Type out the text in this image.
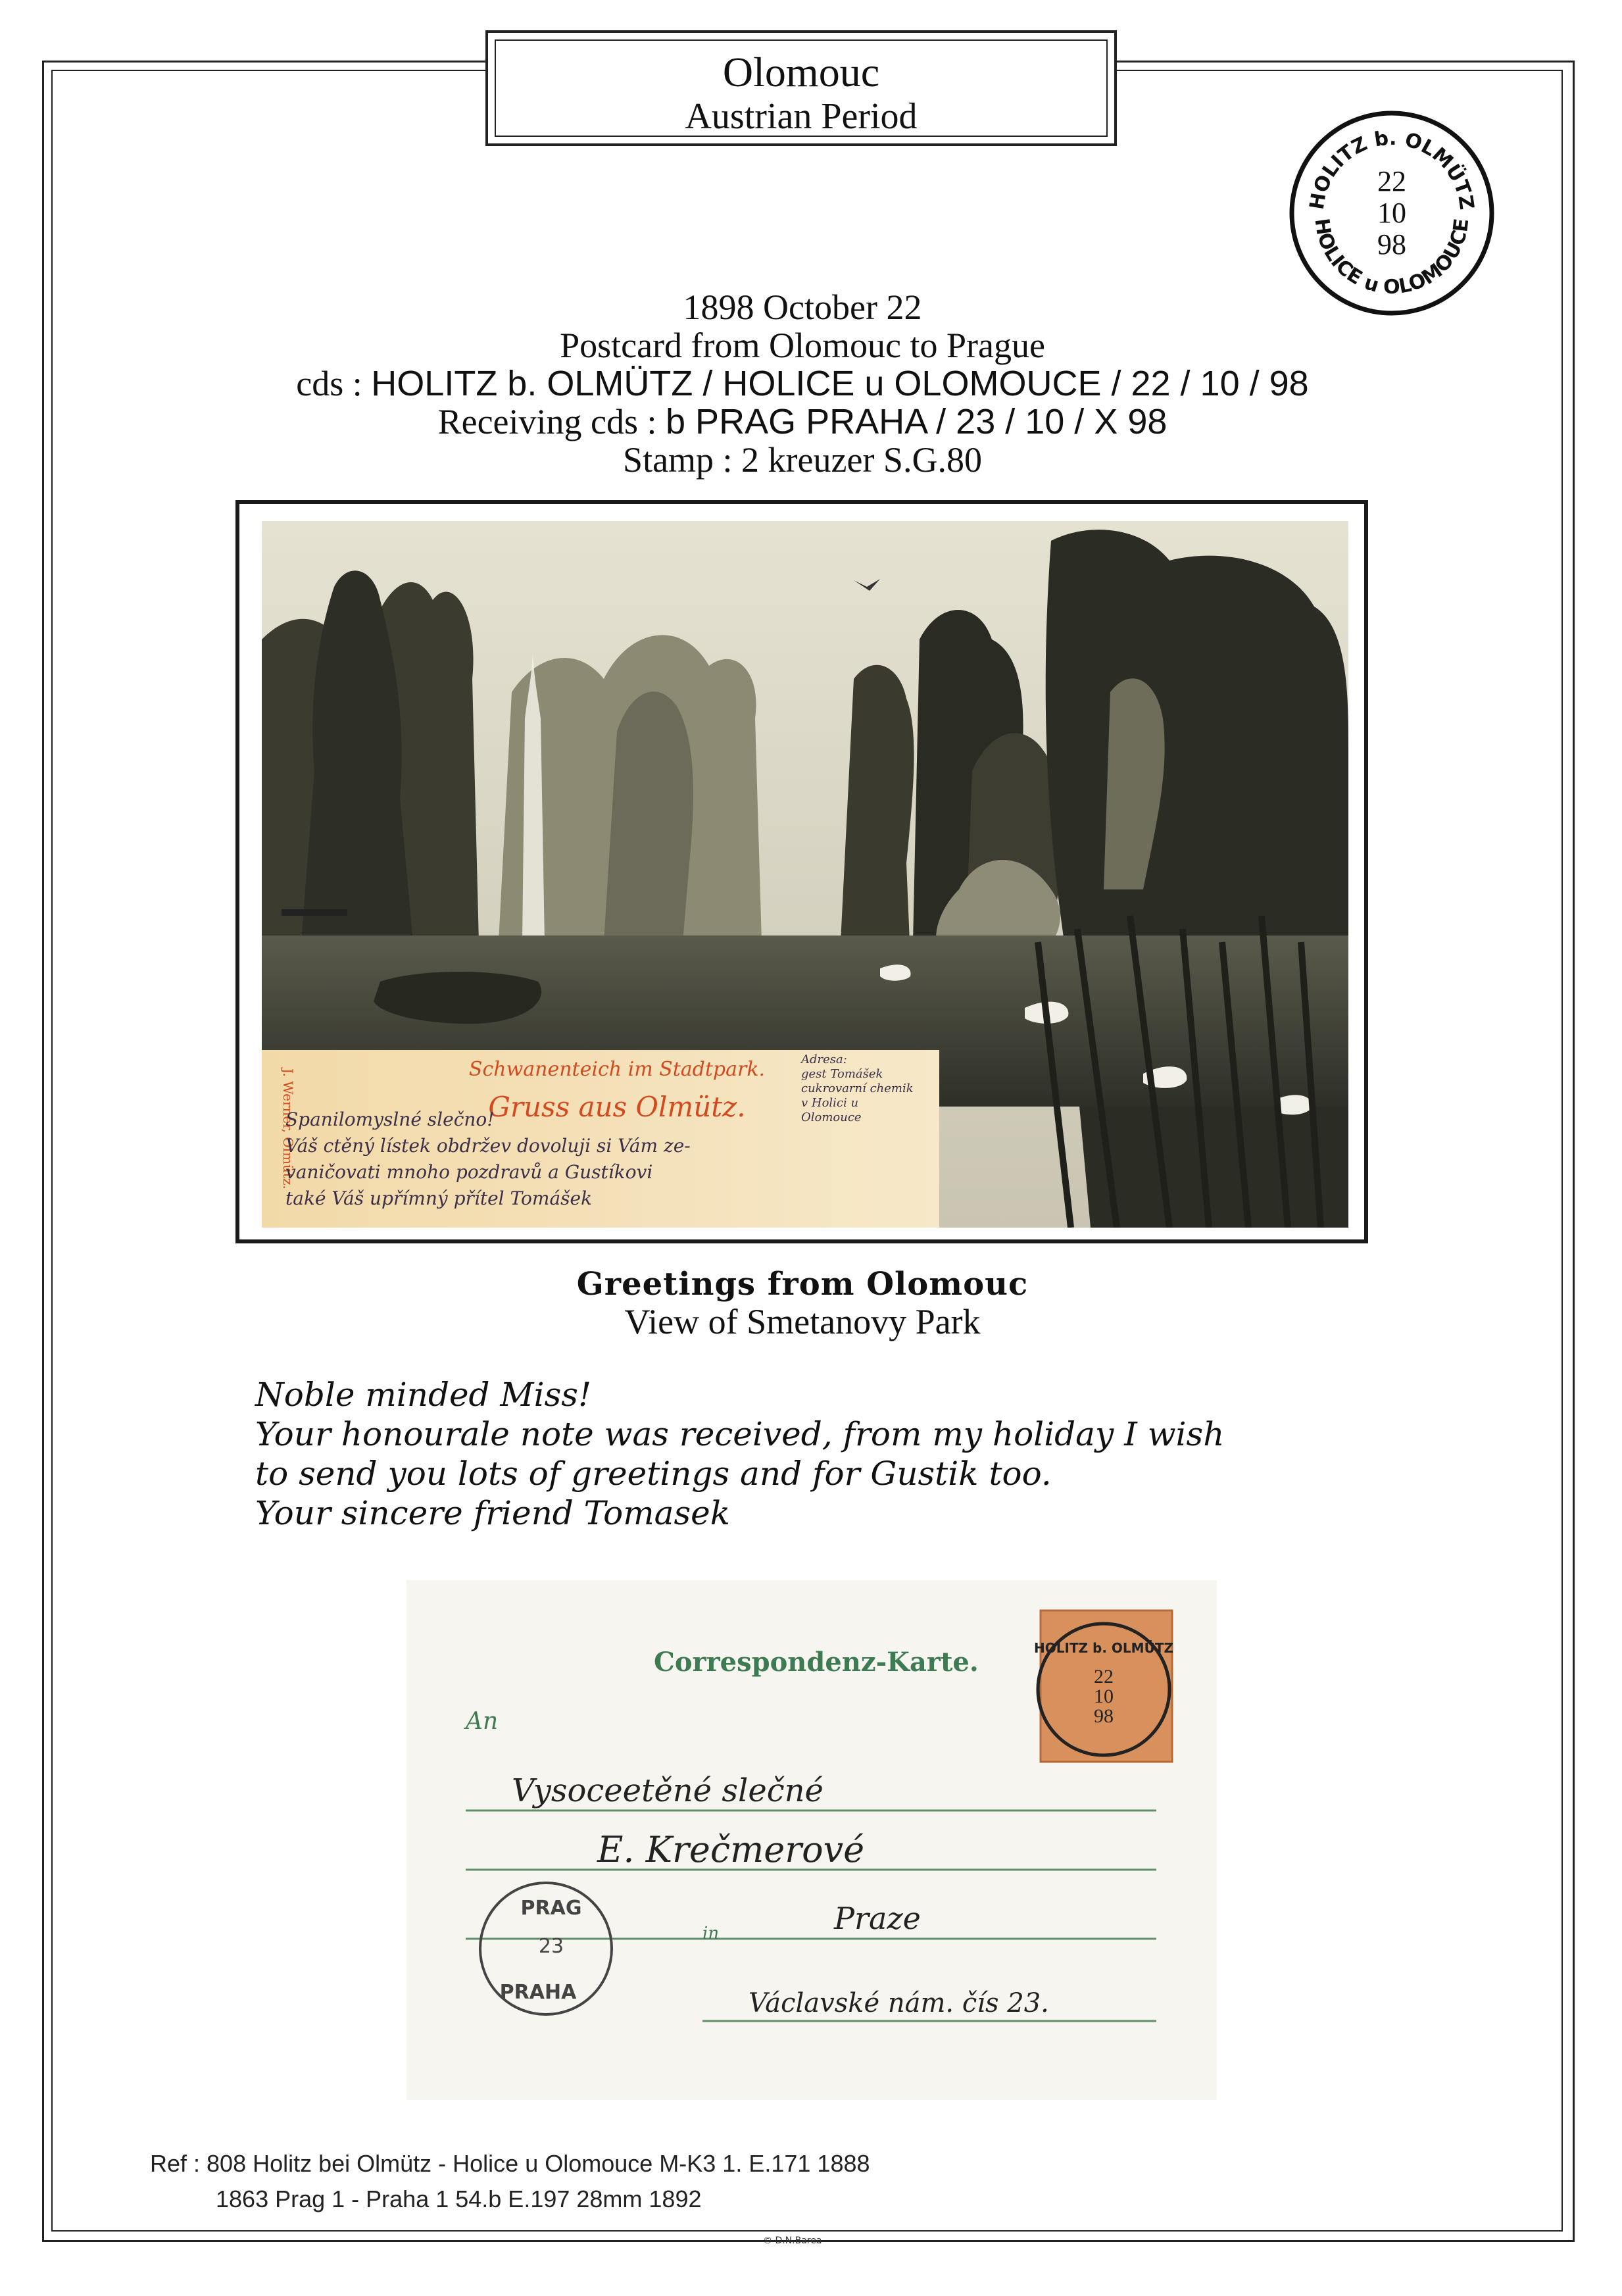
Olomouc
Austrian Period
HOLITZ b. OLMÜTZ
HOLICE u OLOMOUCE
22
10
98
1898 October 22
Postcard from Olomouc to Prague
cds : HOLITZ b. OLMÜTZ / HOLICE u OLOMOUCE / 22 / 10 / 98
Receiving cds : b PRAG PRAHA / 23 / 10 / X 98
Stamp : 2 kreuzer S.G.80
Schwanenteich im Stadtpark.
Gruss aus Olmütz.
J. Werner, Olmütz.
Spanilomyslné slečno!
Váš ctěný lístek obdržev dovoluji si Vám ze-
vaničovati mnoho pozdravů a Gustíkovi
také Váš upřímný přítel Tomášek
Adresa:
gest Tomášek
cukrovarní chemik
v Holici u
Olomouce
Greetings from Olomouc
View of Smetanovy Park
Noble minded Miss!
Your honourale note was received, from my holiday I wish
to send you lots of greetings and for Gustik too.
Your sincere friend Tomasek
Correspondenz-Karte.
An
in
Vysoceetěné slečné
E. Krečmerové
Praze
Václavské nám. čís 23.
HOLITZ b. OLMÜTZ
22
10
98
PRAG
23
PRAHA
Ref : 808 Holitz bei Olmütz - Holice u Olomouce M-K3 1. E.171 1888
1863 Prag 1 - Praha 1 54.b E.197 28mm 1892
© D.N.Barea
